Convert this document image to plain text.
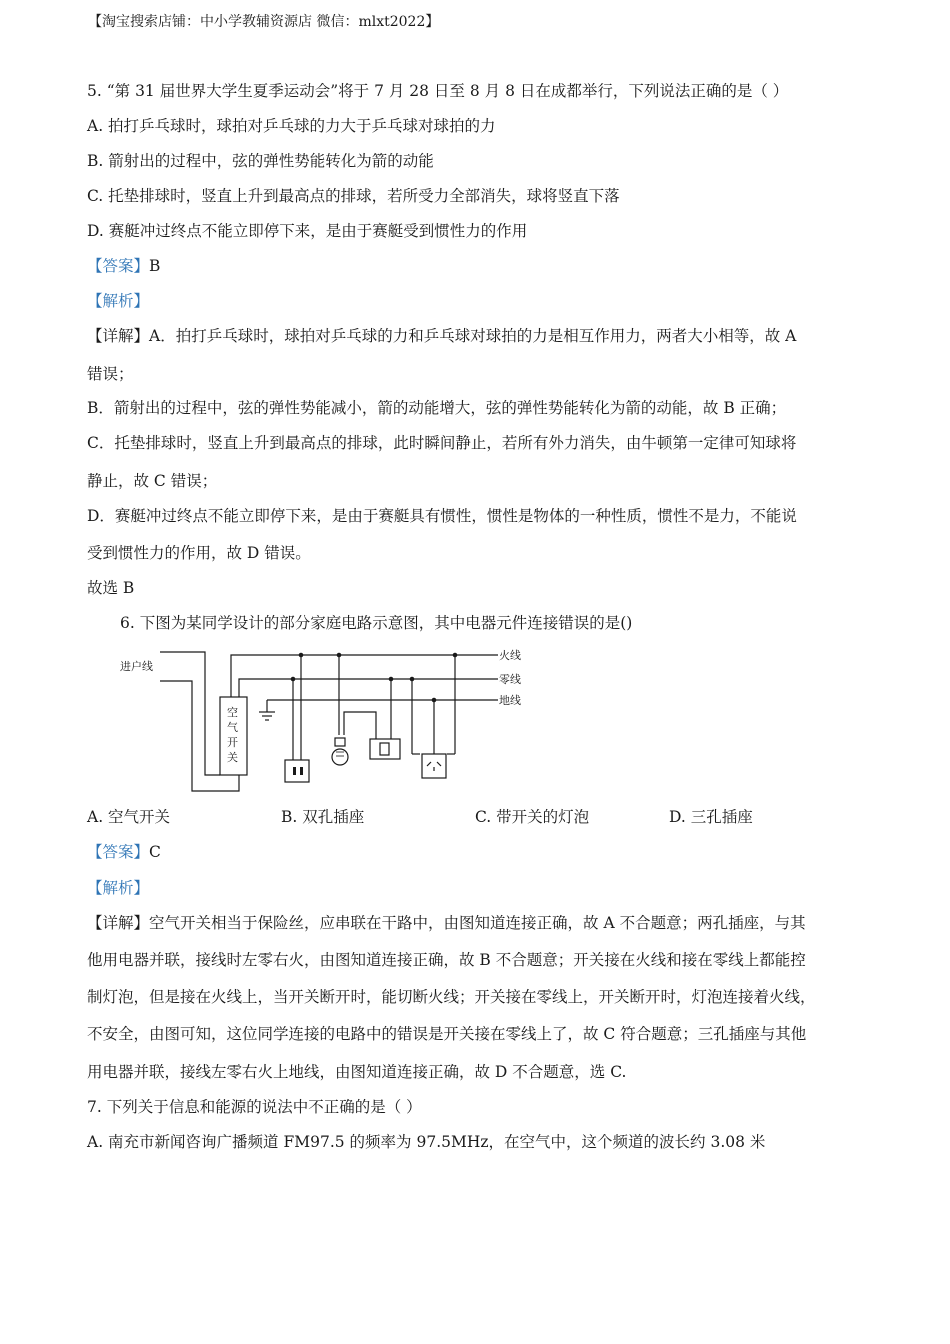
【淘宝搜索店铺：中小学教辅资源店 微信：mlxt2022】
5. “第 31 届世界大学生夏季运动会”将于 7 月 28 日至 8 月 8 日在成都举行，下列说法正确的是（ ）
A. 拍打乒乓球时，球拍对乒乓球的力大于乒乓球对球拍的力
B. 箭射出的过程中，弦的弹性势能转化为箭的动能
C. 托垫排球时，竖直上升到最高点的排球，若所受力全部消失，球将竖直下落
D. 赛艇冲过终点不能立即停下来，是由于赛艇受到惯性力的作用
【答案】B
【解析】
【详解】A．拍打乒乓球时，球拍对乒乓球的力和乒乓球对球拍的力是相互作用力，两者大小相等，故 A
错误；
B．箭射出的过程中，弦的弹性势能减小，箭的动能增大，弦的弹性势能转化为箭的动能，故 B 正确；
C．托垫排球时，竖直上升到最高点的排球，此时瞬间静止，若所有外力消失，由牛顿第一定律可知球将
静止，故 C 错误；
D．赛艇冲过终点不能立即停下来，是由于赛艇具有惯性，惯性是物体的一种性质，惯性不是力，不能说
受到惯性力的作用，故 D 错误。
故选 B
6. 下图为某同学设计的部分家庭电路示意图，其中电器元件连接错误的是()
进户线
火线
零线
地线
空
气
开
关
A. 空气开关	B. 双孔插座	C. 带开关的灯泡	D. 三孔插座
【答案】C
【解析】
【详解】空气开关相当于保险丝，应串联在干路中，由图知道连接正确，故 A 不合题意；两孔插座，与其
他用电器并联，接线时左零右火，由图知道连接正确，故 B 不合题意；开关接在火线和接在零线上都能控
制灯泡，但是接在火线上，当开关断开时，能切断火线；开关接在零线上，开关断开时，灯泡连接着火线，
不安全，由图可知，这位同学连接的电路中的错误是开关接在零线上了，故 C 符合题意；三孔插座与其他
用电器并联，接线左零右火上地线，由图知道连接正确，故 D 不合题意，选 C.
7. 下列关于信息和能源的说法中不正确的是（ ）
A. 南充市新闻咨询广播频道 FM97.5 的频率为 97.5MHz，在空气中，这个频道的波长约 3.08 米
